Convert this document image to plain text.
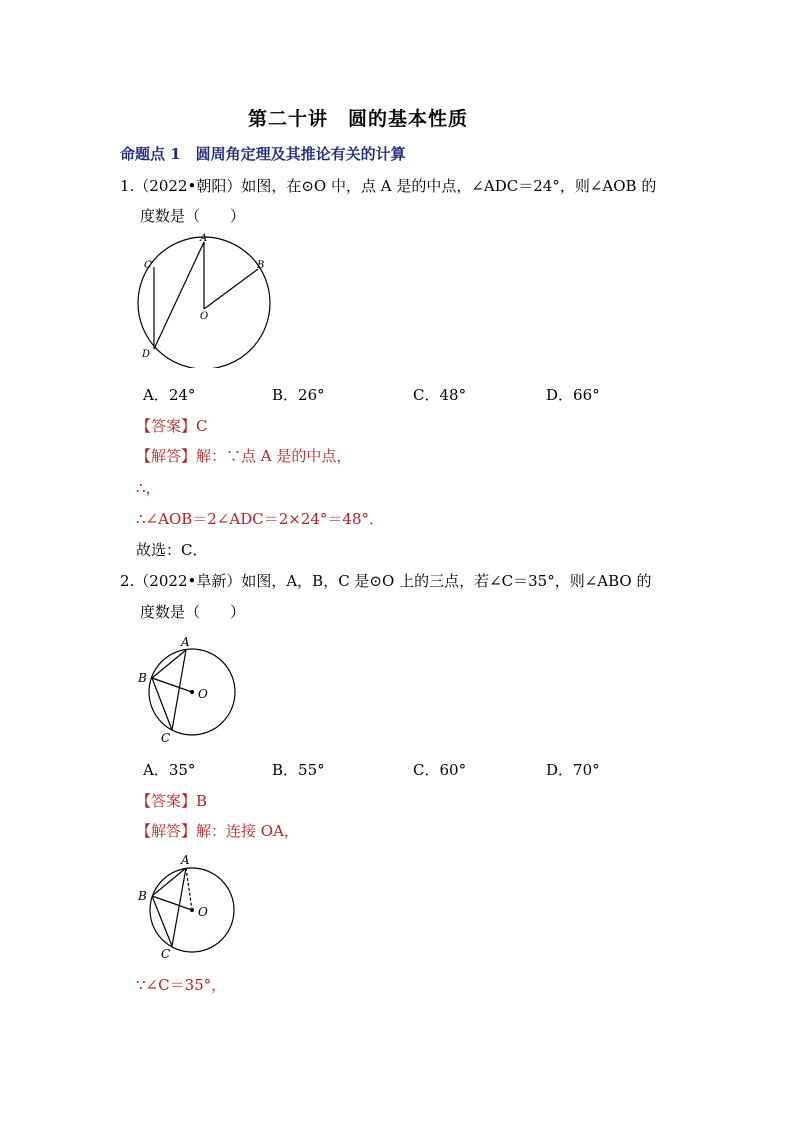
第二十讲　圆的基本性质
命题点 1　圆周角定理及其推论有关的计算
1.（2022•朝阳）如图，在⊙O 中，点 A 是的中点，∠ADC＝24°，则∠AOB 的
度数是（　　）
A
B
C
D
O
A．24°	B．26°	C．48°	D．66°
【答案】C
【解答】解：∵点 A 是的中点，
∴，
∴∠AOB＝2∠ADC＝2×24°＝48°．
故选：C．
2.（2022•阜新）如图，A，B，C 是⊙O 上的三点，若∠C＝35°，则∠ABO 的
度数是（　　）
A
B
C
O
A．35°	B．55°	C．60°	D．70°
【答案】B
【解答】解：连接 OA，
A
B
C
O
∵∠C＝35°，
